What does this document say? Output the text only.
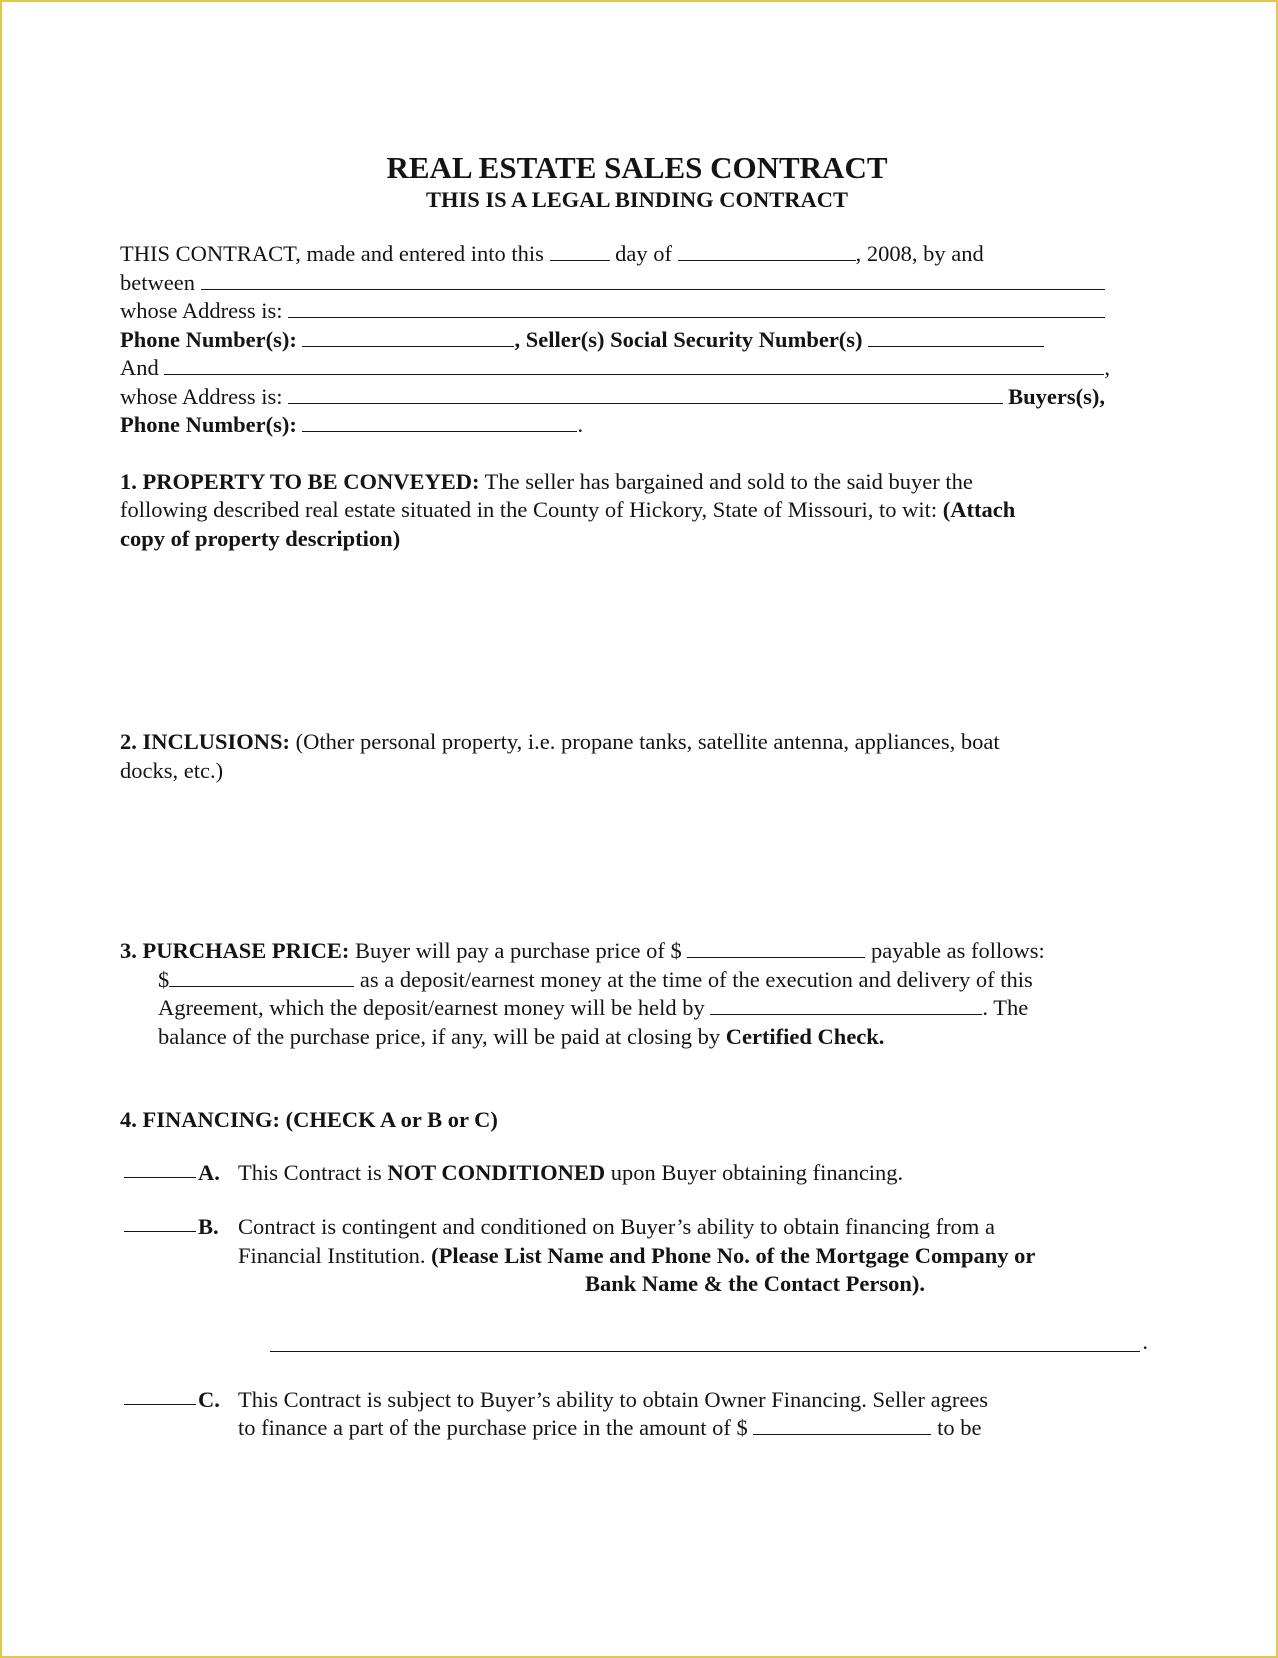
REAL ESTATE SALES CONTRACT
THIS IS A LEGAL BINDING CONTRACT
THIS CONTRACT, made and entered into this	day of	, 2008, by and
between

whose Address is:

Phone Number(s):	, Seller(s) Social Security Number(s)
And
	,
whose Address is:

	Buyers(s),
Phone Number(s):	.
1. PROPERTY TO BE CONVEYED: The seller has bargained and sold to the said buyer the
following described real estate situated in the County of Hickory, State of Missouri, to wit: (Attach
copy of property description)
2. INCLUSIONS: (Other personal property, i.e. propane tanks, satellite antenna, appliances, boat
docks, etc.)
3. PURCHASE PRICE: Buyer will pay a purchase price of $	payable as follows:
$	as a deposit/earnest money at the time of the execution and delivery of this
Agreement, which the deposit/earnest money will be held by	. The
balance of the purchase price, if any, will be paid at closing by Certified Check.
4. FINANCING: (CHECK A or B or C)
A. This Contract is NOT CONDITIONED upon Buyer obtaining financing.
B. Contract is contingent and conditioned on Buyer’s ability to obtain financing from a
Financial Institution. (Please List Name and Phone No. of the Mortgage Company or
Bank Name & the Contact Person).
.
C. This Contract is subject to Buyer’s ability to obtain Owner Financing. Seller agrees
to finance a part of the purchase price in the amount of $	to be
